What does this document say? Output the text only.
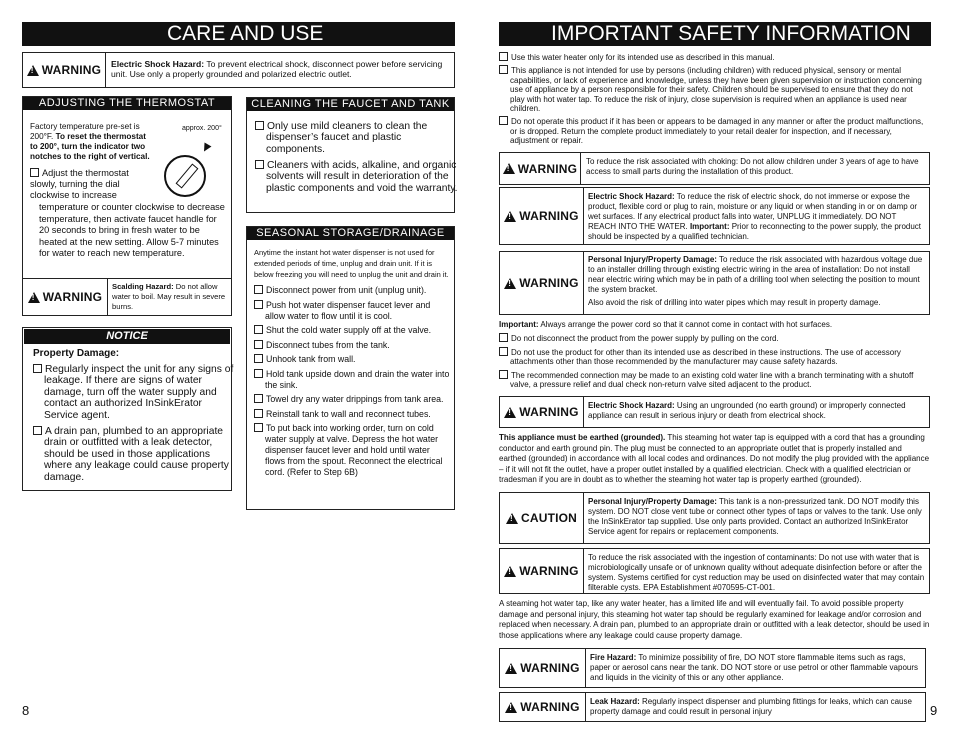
CARE AND USE
!
WARNING	Electric Shock Hazard: To prevent electrical shock, disconnect power before servicing unit. Use only a properly grounded and polarized electric outlet.
ADJUSTING THE THERMOSTAT
Factory temperature pre-set is 200°F. To reset the thermostat to 200°, turn the indicator two notches to the right of vertical.
approx. 200°
Adjust the thermostat slowly, turning the dial clockwise to increase
temperature or counter clockwise to decrease temperature, then activate faucet handle for 20 seconds to bring in fresh water to be heated at the new setting. Allow 5-7 minutes for water to reach new temperature.
!
WARNING
Scalding Hazard: Do not allow water to boil. May result in severe burns.
NOTICE
Property Damage:
Regularly inspect the unit for any signs of leakage. If there are signs of water damage, turn off the water supply and contact an authorized InSinkErator Service agent.
A drain pan, plumbed to an appropriate drain or outfitted with a leak detector, should be used in those applications where any leakage could cause property damage.
CLEANING THE FAUCET AND TANK
Only use mild cleaners to clean the dispenser’s faucet and plastic components.
Cleaners with acids, alkaline, and organic solvents will result in deterioration of the plastic components and void the warranty.
SEASONAL STORAGE/DRAINAGE
Anytime the instant hot water dispenser is not used for extended periods of time, unplug and drain unit. If it is below freezing you will need to unplug the unit and drain it.
Disconnect power from unit (unplug unit).
Push hot water dispenser faucet lever and allow water to flow until it is cool.
Shut the cold water supply off at the valve.
Disconnect tubes from the tank.
Unhook tank from wall.
Hold tank upside down and drain the water into the sink.
Towel dry any water drippings from tank area.
Reinstall tank to wall and reconnect tubes.
To put back into working order, turn on cold water supply at valve. Depress the hot water dispenser faucet lever and hold until water flows from the spout. Reconnect the electrical cord. (Refer to Step 6B)
8
IMPORTANT SAFETY INFORMATION
Use this water heater only for its intended use as described in this manual.
This appliance is not intended for use by persons (including children) with reduced physical, sensory or mental capabilities, or lack of experience and knowledge, unless they have been given supervision or instruction concerning use of appliance by a person responsible for their safety. Children should be supervised to ensure that they do not play with hot water tap. To reduce the risk of injury, close supervision is required when an appliance is used near children.
Do not operate this product if it has been or appears to be damaged in any manner or after the product malfunctions, or is dropped. Return the complete product immediately to your retail dealer for inspection, and if necessary, adjustment or repair.
!
WARNING	To reduce the risk associated with choking: Do not allow children under 3 years of age to have access to small parts during the installation of this product.
!
WARNING
Electric Shock Hazard: To reduce the risk of electric shock, do not immerse or expose the product, flexible cord or plug to rain, moisture or any liquid or when standing in or on damp or wet surfaces. If any electrical product falls into water, UNPLUG it immediately. DO NOT REACH INTO THE WATER. Important: Prior to reconnecting to the power supply, the product should be inspected by a qualified technician.
!
WARNING
Personal Injury/Property Damage: To reduce the risk associated with hazardous voltage due to an installer drilling through existing electric wiring in the area of installation: Do not install near electric wiring which may be in path of a drilling tool when selecting the position to mount the system bracket.
Also avoid the risk of drilling into water pipes which may result in property damage.
Important: Always arrange the power cord so that it cannot come in contact with hot surfaces.
Do not disconnect the product from the power supply by pulling on the cord.
Do not use the product for other than its intended use as described in these instructions. The use of accessory attachments other than those recommended by the manufacturer may cause safety hazards.
The recommended connection may be made to an existing cold water line with a branch terminating with a shutoff valve, a pressure relief and dual check non-return valve sited adjacent to the product.
!
WARNING	Electric Shock Hazard: Using an ungrounded (no earth ground) or improperly connected appliance can result in serious injury or death from electrical shock.
This appliance must be earthed (grounded). This steaming hot water tap is equipped with a cord that has a grounding conductor and earth ground pin. The plug must be connected to an appropriate outlet that is properly installed and earthed (grounded) in accordance with all local codes and ordinances. Do not modify the plug provided with the appliance – if it will not fit the outlet, have a proper outlet installed by a qualified electrician. Check with a qualified electrician or tradesman if you are in doubt as to whether the steaming hot water tap is properly earthed (grounded).
!
CAUTION
Personal Injury/Property Damage: This tank is a non-pressurized tank. DO NOT modify this system. DO NOT close vent tube or connect other types of taps or valves to the tank. Use only the InSinkErator tap supplied. Use only parts provided. Contact an authorized InSinkErator Service agent for repairs or replacement components.
!
WARNING
To reduce the risk associated with the ingestion of contaminants: Do not use with water that is microbiologically unsafe or of unknown quality without adequate disinfection before or after the system. Systems certified for cyst reduction may be used on disinfected water that may contain filterable cysts. EPA Establishment #070595-CT-001.
A steaming hot water tap, like any water heater, has a limited life and will eventually fail. To avoid possible property damage and personal injury, this steaming hot water tap should be regularly examined for leakage and/or corrosion and replaced when necessary. A drain pan, plumbed to an appropriate drain or outfitted with a leak detector, should be used in those applications where any leakage could cause property damage.
!
WARNING
Fire Hazard: To minimize possibility of fire, DO NOT store flammable items such as rags, paper or aerosol cans near the tank. DO NOT store or use petrol or other flammable vapours and liquids in the vicinity of this or any other appliance.
!
WARNING	Leak Hazard: Regularly inspect dispenser and plumbing fittings for leaks, which can cause property damage and could result in personal injury	9
